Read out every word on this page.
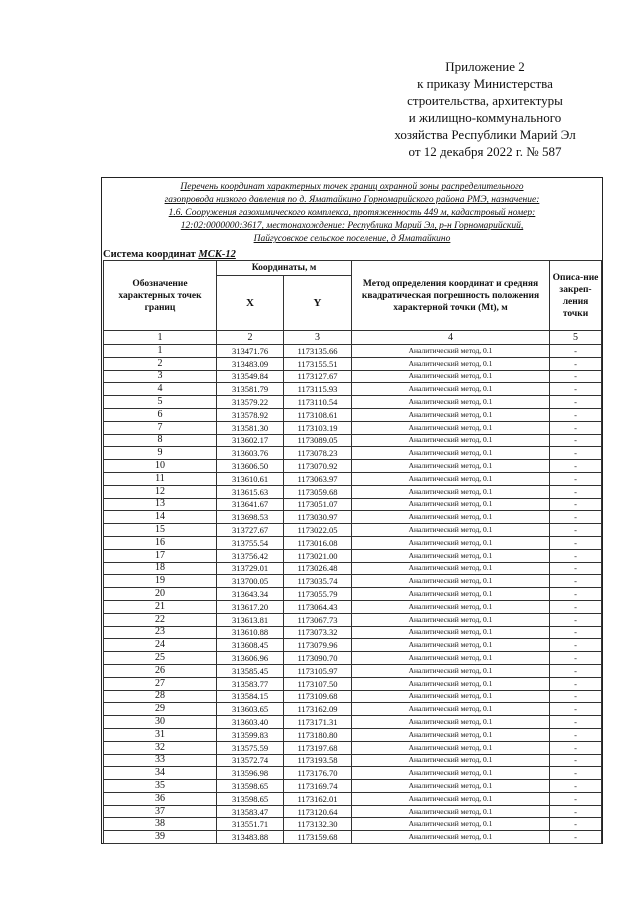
Приложение 2
к приказу Министерства
строительства, архитектуры
и жилищно-коммунального
хозяйства Республики Марий Эл
от 12 декабря 2022 г. № 587
Перечень координат характерных точек границ охранной зоны распределительного
газопровода низкого давления по д. Яматайкино Горномарийского района РМЭ, назначение:
1.6. Сооружения газохимического комплекса, протяженность 449 м, кадастровый номер:
12:02:0000000:3617, местонахождение: Республика Марий Эл, р-н Горномарийский,
Пайгусовское сельское поселение, д Яматайкино
Система координат МСК-12
Обозначение характерных точек границ	Координаты, м		Метод определения координат и средняя квадратическая погрешность положения характерной точки (Mt), м	Описа-ние закреп-ления точки
	X	Y		
1	2	3	4	5
1	313471.76	1173135.66	Аналитический метод, 0.1	-
2	313483.09	1173155.51	Аналитический метод, 0.1	-
3	313549.84	1173127.67	Аналитический метод, 0.1	-
4	313581.79	1173115.93	Аналитический метод, 0.1	-
5	313579.22	1173110.54	Аналитический метод, 0.1	-
6	313578.92	1173108.61	Аналитический метод, 0.1	-
7	313581.30	1173103.19	Аналитический метод, 0.1	-
8	313602.17	1173089.05	Аналитический метод, 0.1	-
9	313603.76	1173078.23	Аналитический метод, 0.1	-
10	313606.50	1173070.92	Аналитический метод, 0.1	-
11	313610.61	1173063.97	Аналитический метод, 0.1	-
12	313615.63	1173059.68	Аналитический метод, 0.1	-
13	313641.67	1173051.07	Аналитический метод, 0.1	-
14	313698.53	1173030.97	Аналитический метод, 0.1	-
15	313727.67	1173022.05	Аналитический метод, 0.1	-
16	313755.54	1173016.08	Аналитический метод, 0.1	-
17	313756.42	1173021.00	Аналитический метод, 0.1	-
18	313729.01	1173026.48	Аналитический метод, 0.1	-
19	313700.05	1173035.74	Аналитический метод, 0.1	-
20	313643.34	1173055.79	Аналитический метод, 0.1	-
21	313617.20	1173064.43	Аналитический метод, 0.1	-
22	313613.81	1173067.73	Аналитический метод, 0.1	-
23	313610.88	1173073.32	Аналитический метод, 0.1	-
24	313608.45	1173079.96	Аналитический метод, 0.1	-
25	313606.96	1173090.70	Аналитический метод, 0.1	-
26	313585.45	1173105.97	Аналитический метод, 0.1	-
27	313583.77	1173107.50	Аналитический метод, 0.1	-
28	313584.15	1173109.68	Аналитический метод, 0.1	-
29	313603.65	1173162.09	Аналитический метод, 0.1	-
30	313603.40	1173171.31	Аналитический метод, 0.1	-
31	313599.83	1173180.80	Аналитический метод, 0.1	-
32	313575.59	1173197.68	Аналитический метод, 0.1	-
33	313572.74	1173193.58	Аналитический метод, 0.1	-
34	313596.98	1173176.70	Аналитический метод, 0.1	-
35	313598.65	1173169.74	Аналитический метод, 0.1	-
36	313598.65	1173162.01	Аналитический метод, 0.1	-
37	313583.47	1173120.64	Аналитический метод, 0.1	-
38	313551.71	1173132.30	Аналитический метод, 0.1	-
39	313483.88	1173159.68	Аналитический метод, 0.1	-
